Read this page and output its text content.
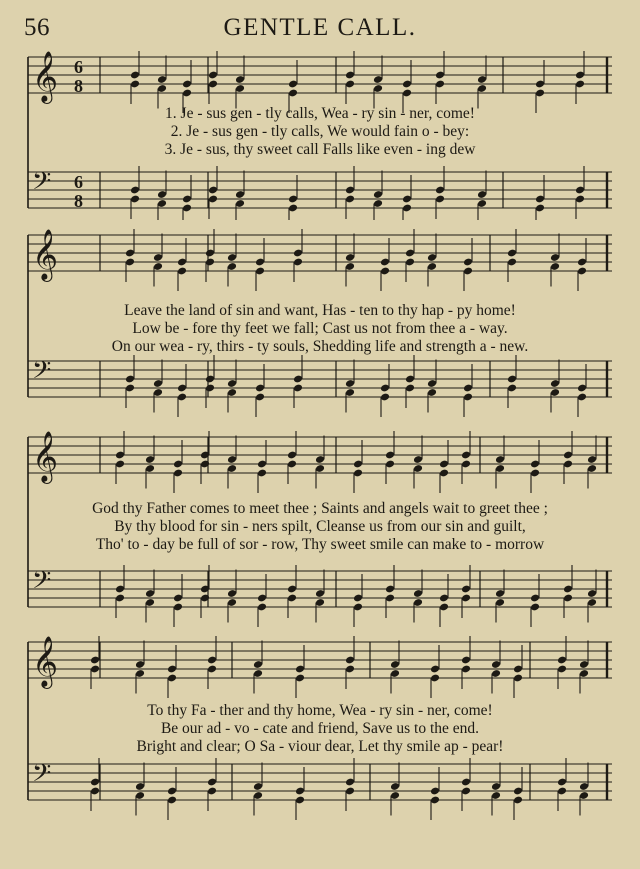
56	GENTLE CALL.
𝄞 6
8
𝄢 6
8
1. Je - sus gen - tly calls, Wea - ry sin - ner, come!
2. Je - sus gen - tly calls, We would fain o - bey:
3. Je - sus, thy sweet call Falls like even - ing dew
𝄞
𝄢
Leave the land of sin and want, Has - ten to thy hap - py home!
Low be - fore thy feet we fall; Cast us not from thee a - way.
On our wea - ry, thirs - ty souls, Shedding life and strength a - new.
𝄞
𝄢
God thy Father comes to meet thee ; Saints and angels wait to greet thee ;
By thy blood for sin - ners spilt, Cleanse us from our sin and guilt,
Tho' to - day be full of sor - row, Thy sweet smile can make to - morrow
𝄞
𝄢
To thy Fa - ther and thy home, Wea - ry sin - ner, come!
Be our ad - vo - cate and friend, Save us to the end.
Bright and clear; O Sa - viour dear, Let thy smile ap - pear!
